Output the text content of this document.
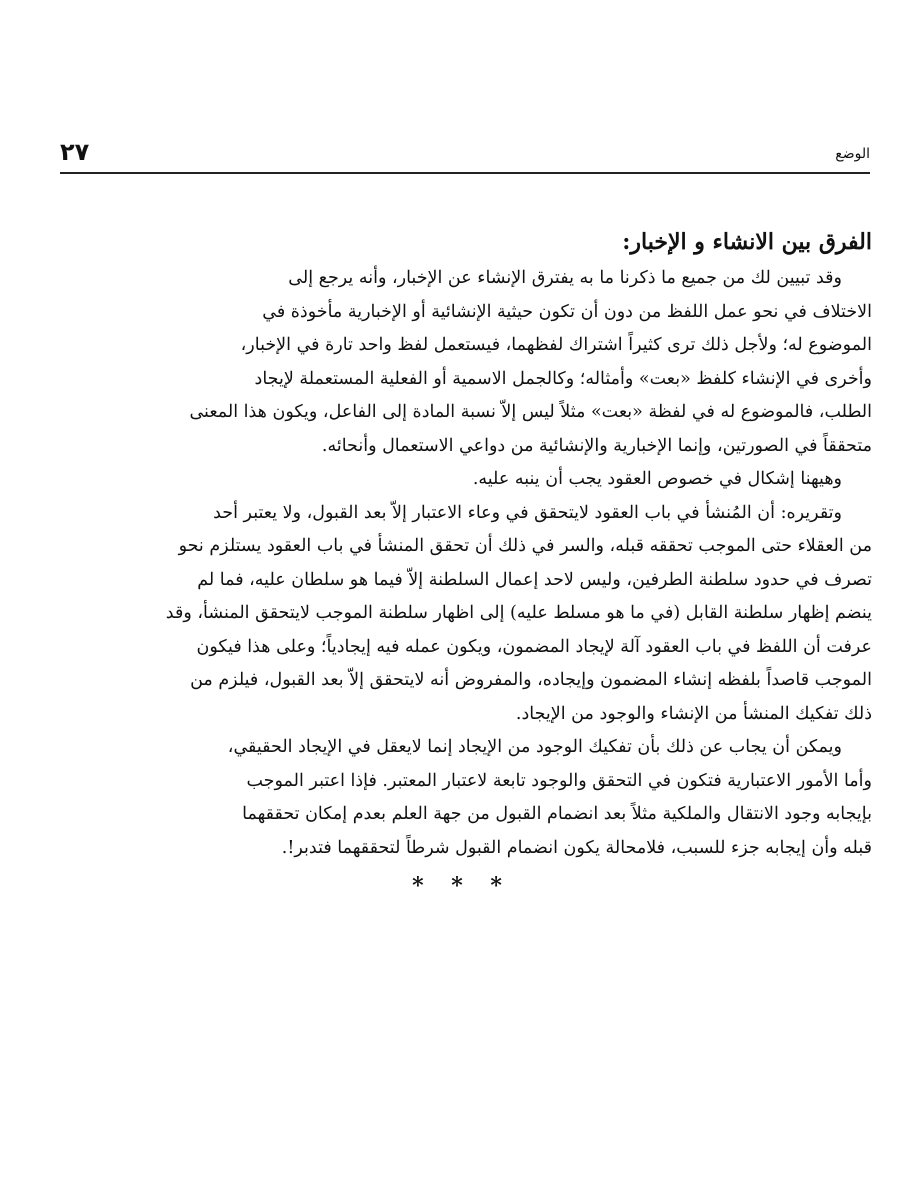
الوضع
٢٧
الفرق بين الانشاء و الإخبار:

وقد تبيين لك من جميع ما ذكرنا ما به يفترق الإنشاء عن الإخبار، وأنه يرجع إلى

الاختلاف في نحو عمل اللفظ من دون أن تكون حيثية الإنشائية أو الإخبارية مأخوذة في

الموضوع له؛ ولأجل ذلك ترى كثيراً اشتراك لفظهما، فيستعمل لفظ واحد تارة في الإخبار،

وأخرى في الإنشاء كلفظ «بعت» وأمثاله؛ وكالجمل الاسمية أو الفعلية المستعملة لإيجاد

الطلب، فالموضوع له في لفظة «بعت» مثلاً ليس إلاّ نسبة المادة إلى الفاعل، ويكون هذا المعنى

متحققاً في الصورتين، وإنما الإخبارية والإنشائية من دواعي الاستعمال وأنحائه.

وهيهنا إشكال في خصوص العقود يجب أن ينبه عليه.

وتقريره: أن المُنشأ في باب العقود لايتحقق في وعاء الاعتبار إلاّ بعد القبول، ولا يعتبر أحد

من العقلاء حتى الموجب تحققه قبله، والسر في ذلك أن تحقق المنشأ في باب العقود يستلزم نحو

تصرف في حدود سلطنة الطرفين، وليس لاحد إعمال السلطنة إلاّ فيما هو سلطان عليه، فما لم

ينضم إظهار سلطنة القابل (في ما هو مسلط عليه) إلى اظهار سلطنة الموجب لايتحقق المنشأ، وقد

عرفت أن اللفظ في باب العقود آلة لإيجاد المضمون، ويكون عمله فيه إيجادياً؛ وعلى هذا فيكون

الموجب قاصداً بلفظه إنشاء المضمون وإيجاده، والمفروض أنه لايتحقق إلاّ بعد القبول، فيلزم من

ذلك تفكيك المنشأ من الإنشاء والوجود من الإيجاد.

ويمكن أن يجاب عن ذلك بأن تفكيك الوجود من الإيجاد إنما لايعقل في الإيجاد الحقيقي،

وأما الأمور الاعتبارية فتكون في التحقق والوجود تابعة لاعتبار المعتبر. فإذا اعتبر الموجب

بإيجابه وجود الانتقال والملكية مثلاً بعد انضمام القبول من جهة العلم بعدم إمكان تحققهما

قبله وأن إيجابه جزء للسبب، فلامحالة يكون انضمام القبول شرطاً لتحققهما فتدبر!.

* * *
